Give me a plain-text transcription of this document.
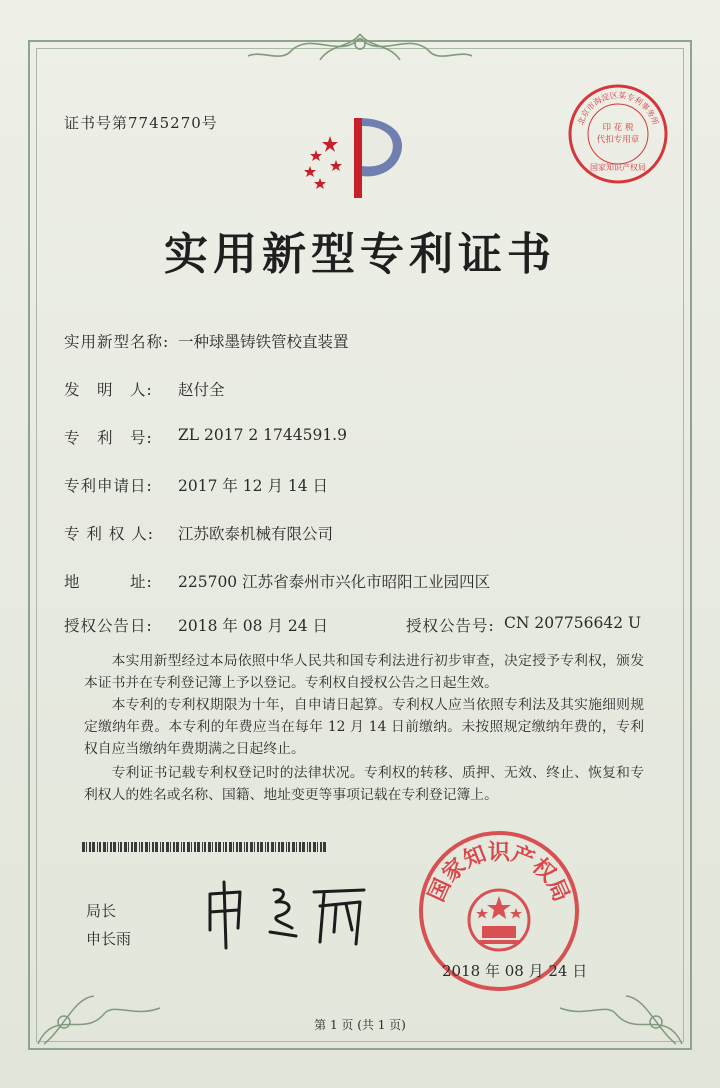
证书号第7745270号	北京市海淀区某专利事务所
印 花 税
代扣专用章
国家知识产权局
实用新型专利证书
实用新型名称: 一种球墨铸铁管校直装置
发　明　人: 赵付全
专　利　号: ZL 2017 2 1744591.9
专利申请日: 2017 年 12 月 14 日
专 利 权 人: 江苏欧泰机械有限公司
地　　　址: 225700 江苏省泰州市兴化市昭阳工业园四区
授权公告日: 2018 年 08 月 24 日	授权公告号: CN 207756642 U
本实用新型经过本局依照中华人民共和国专利法进行初步审查，决定授予专利权，颁发本证书并在专利登记簿上予以登记。专利权自授权公告之日起生效。
本专利的专利权期限为十年，自申请日起算。专利权人应当依照专利法及其实施细则规定缴纳年费。本专利的年费应当在每年 12 月 14 日前缴纳。未按照规定缴纳年费的，专利权自应当缴纳年费期满之日起终止。
专利证书记载专利权登记时的法律状况。专利权的转移、质押、无效、终止、恢复和专利权人的姓名或名称、国籍、地址变更等事项记载在专利登记簿上。
局长
申长雨
国家知识产权局
2018 年 08 月 24 日
第 1 页 (共 1 页)
